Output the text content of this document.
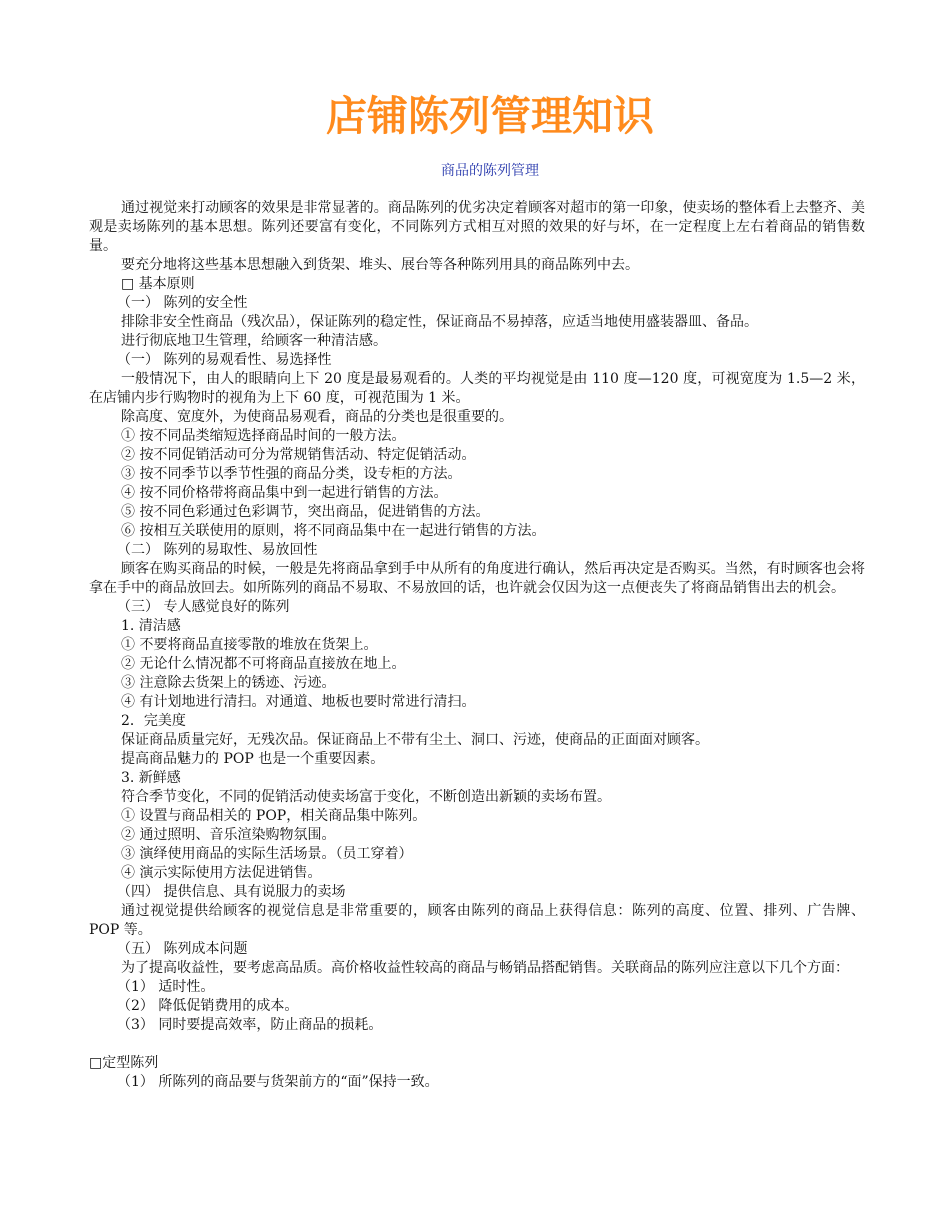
店铺陈列管理知识
商品的陈列管理

通过视觉来打动顾客的效果是非常显著的。商品陈列的优劣决定着顾客对超市的第一印象，使卖场的整体看上去整齐、美观是卖场陈列的基本思想。陈列还要富有变化，不同陈列方式相互对照的效果的好与坏，在一定程度上左右着商品的销售数量。

要充分地将这些基本思想融入到货架、堆头、展台等各种陈列用具的商品陈列中去。

□ 基本原则

（一） 陈列的安全性

排除非安全性商品（残次品），保证陈列的稳定性，保证商品不易掉落，应适当地使用盛装器皿、备品。

进行彻底地卫生管理，给顾客一种清洁感。

（一） 陈列的易观看性、易选择性

一般情况下，由人的眼睛向上下 20 度是最易观看的。人类的平均视觉是由 110 度—120 度，可视宽度为 1.5—2 米，在店铺内步行购物时的视角为上下 60 度，可视范围为 1 米。

除高度、宽度外，为使商品易观看，商品的分类也是很重要的。

① 按不同品类缩短选择商品时间的一般方法。

② 按不同促销活动可分为常规销售活动、特定促销活动。

③ 按不同季节以季节性强的商品分类，设专柜的方法。

④ 按不同价格带将商品集中到一起进行销售的方法。

⑤ 按不同色彩通过色彩调节，突出商品，促进销售的方法。

⑥ 按相互关联使用的原则，将不同商品集中在一起进行销售的方法。

（二） 陈列的易取性、易放回性

顾客在购买商品的时候，一般是先将商品拿到手中从所有的角度进行确认，然后再决定是否购买。当然，有时顾客也会将拿在手中的商品放回去。如所陈列的商品不易取、不易放回的话，也许就会仅因为这一点便丧失了将商品销售出去的机会。

（三） 专人感觉良好的陈列

1. 清洁感

① 不要将商品直接零散的堆放在货架上。

② 无论什么情况都不可将商品直接放在地上。

③ 注意除去货架上的锈迹、污迹。

④ 有计划地进行清扫。对通道、地板也要时常进行清扫。

2．完美度

保证商品质量完好，无残次品。保证商品上不带有尘土、洞口、污迹，使商品的正面面对顾客。

提高商品魅力的 POP 也是一个重要因素。

3. 新鲜感

符合季节变化，不同的促销活动使卖场富于变化，不断创造出新颖的卖场布置。

① 设置与商品相关的 POP，相关商品集中陈列。

② 通过照明、音乐渲染购物氛围。

③ 演绎使用商品的实际生活场景。（员工穿着）

④ 演示实际使用方法促进销售。

（四） 提供信息、具有说服力的卖场

通过视觉提供给顾客的视觉信息是非常重要的，顾客由陈列的商品上获得信息：陈列的高度、位置、排列、广告牌、POP 等。

（五） 陈列成本问题

为了提高收益性，要考虑高品质。高价格收益性较高的商品与畅销品搭配销售。关联商品的陈列应注意以下几个方面：

（1） 适时性。

（2） 降低促销费用的成本。

（3） 同时要提高效率，防止商品的损耗。

□定型陈列

（1） 所陈列的商品要与货架前方的“面”保持一致。
